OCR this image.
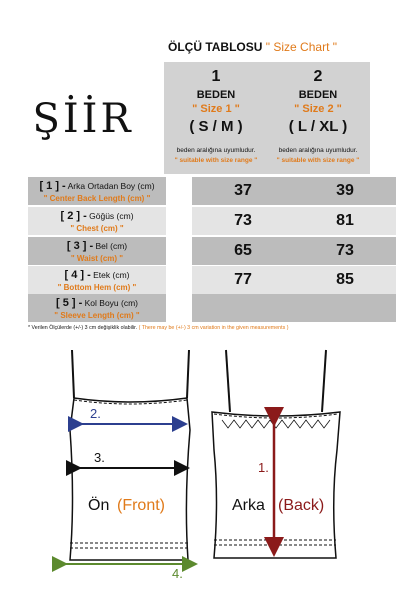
ŞİİR
ÖLÇÜ TABLOSU " Size Chart "
1
BEDEN
" Size 1 "
( S / M )
beden aralığına uyumludur.
" suitable with size range "
2
BEDEN
" Size 2 "
( L / XL )
beden aralığına uyumludur.
" suitable with size range "
[ 1 ] - Arka Ortadan Boy (cm)
" Center Back Length (cm) "	37	39
[ 2 ] - Göğüs (cm)
" Chest (cm) "	73	81
[ 3 ] - Bel (cm)
" Waist (cm) "	65	73
[ 4 ] - Etek (cm)
" Bottom Hem (cm) "	77	85
[ 5 ] - Kol Boyu (cm)
" Sleeve Length (cm) "
* Verilen Ölçülerde (+/-) 3 cm değişiklik olabilir. ( There may be (+/-) 3 cm variation in the given measurements )
2.
3.
Ön (Front)
4.
1.
Arka (Back)
